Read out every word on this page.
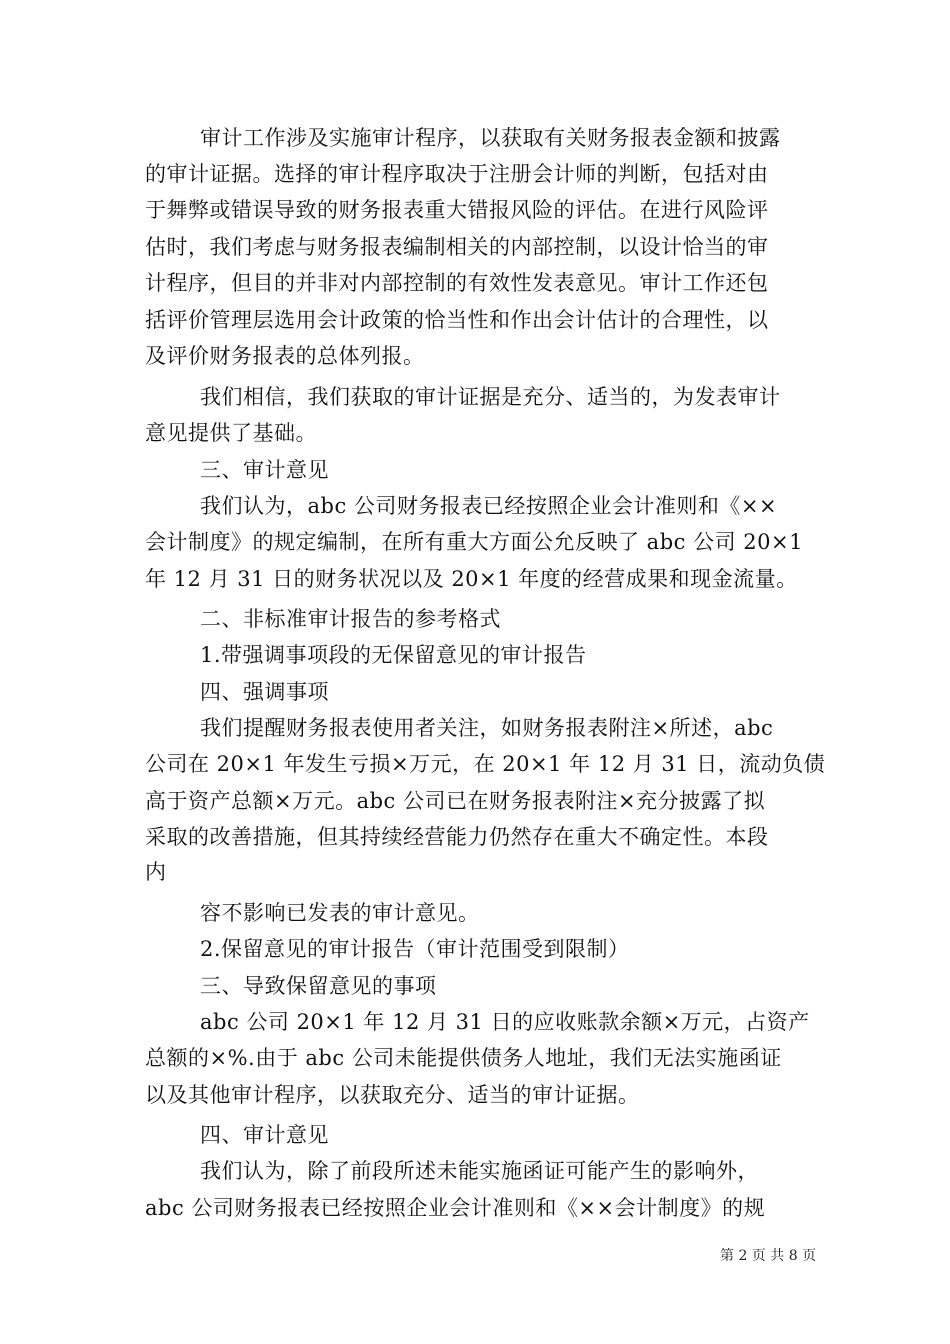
审计工作涉及实施审计程序，以获取有关财务报表金额和披露
的审计证据。选择的审计程序取决于注册会计师的判断，包括对由
于舞弊或错误导致的财务报表重大错报风险的评估。在进行风险评
估时，我们考虑与财务报表编制相关的内部控制，以设计恰当的审
计程序，但目的并非对内部控制的有效性发表意见。审计工作还包
括评价管理层选用会计政策的恰当性和作出会计估计的合理性，以
及评价财务报表的总体列报。
我们相信，我们获取的审计证据是充分、适当的，为发表审计
意见提供了基础。
三、审计意见
我们认为，abc 公司财务报表已经按照企业会计准则和《××
会计制度》的规定编制，在所有重大方面公允反映了 abc 公司 20×1
年 12 月 31 日的财务状况以及 20×1 年度的经营成果和现金流量。
二、非标准审计报告的参考格式
1.带强调事项段的无保留意见的审计报告
四、强调事项
我们提醒财务报表使用者关注，如财务报表附注×所述，abc
公司在 20×1 年发生亏损×万元，在 20×1 年 12 月 31 日，流动负债
高于资产总额×万元。abc 公司已在财务报表附注×充分披露了拟
采取的改善措施，但其持续经营能力仍然存在重大不确定性。本段
内
容不影响已发表的审计意见。
2.保留意见的审计报告（审计范围受到限制）
三、导致保留意见的事项
abc 公司 20×1 年 12 月 31 日的应收账款余额×万元，占资产
总额的×%.由于 abc 公司未能提供债务人地址，我们无法实施函证
以及其他审计程序，以获取充分、适当的审计证据。
四、审计意见
我们认为，除了前段所述未能实施函证可能产生的影响外，
abc 公司财务报表已经按照企业会计准则和《××会计制度》的规
第 2 页 共 8 页
